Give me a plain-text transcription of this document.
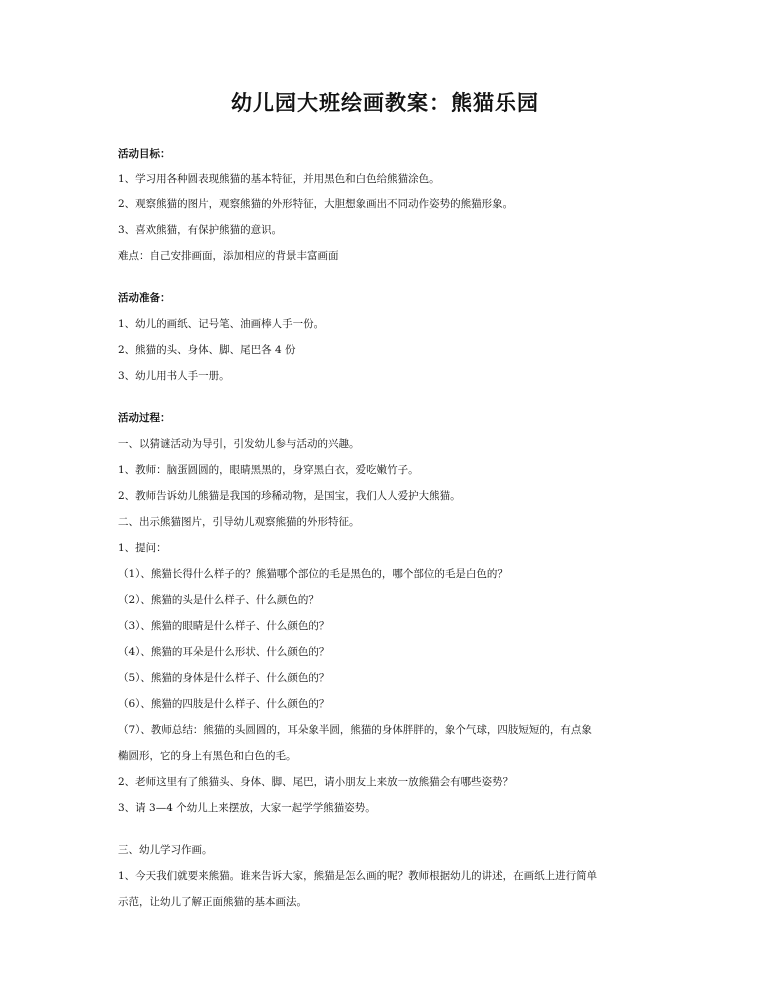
幼儿园大班绘画教案：熊猫乐园
活动目标：
1、学习用各种圆表现熊猫的基本特征，并用黑色和白色给熊猫涂色。
2、观察熊猫的图片，观察熊猫的外形特征，大胆想象画出不同动作姿势的熊猫形象。
3、喜欢熊猫，有保护熊猫的意识。
难点：自己安排画面，添加相应的背景丰富画面
活动准备：
1、幼儿的画纸、记号笔、油画棒人手一份。
2、熊猫的头、身体、脚、尾巴各 4 份
3、幼儿用书人手一册。
活动过程：
一、以猜谜活动为导引，引发幼儿参与活动的兴趣。
1、教师：脑蛋圆圆的，眼睛黑黑的，身穿黑白衣，爱吃嫩竹子。
2、教师告诉幼儿熊猫是我国的珍稀动物，是国宝，我们人人爱护大熊猫。
二、出示熊猫图片，引导幼儿观察熊猫的外形特征。
1、提问：
（1）、熊猫长得什么样子的？熊猫哪个部位的毛是黑色的，哪个部位的毛是白色的？
（2）、熊猫的头是什么样子、什么颜色的？
（3）、熊猫的眼睛是什么样子、什么颜色的？
（4）、熊猫的耳朵是什么形状、什么颜色的？
（5）、熊猫的身体是什么样子、什么颜色的？
（6）、熊猫的四肢是什么样子、什么颜色的？
（7）、教师总结：熊猫的头圆圆的，耳朵象半圆，熊猫的身体胖胖的，象个气球，四肢短短的，有点象
椭圆形，它的身上有黑色和白色的毛。
2、老师这里有了熊猫头、身体、脚、尾巴，请小朋友上来放一放熊猫会有哪些姿势？
3、请 3—4 个幼儿上来摆放，大家一起学学熊猫姿势。
三、幼儿学习作画。
1、今天我们就要来熊猫。谁来告诉大家，熊猫是怎么画的呢？教师根据幼儿的讲述，在画纸上进行简单
示范，让幼儿了解正面熊猫的基本画法。
